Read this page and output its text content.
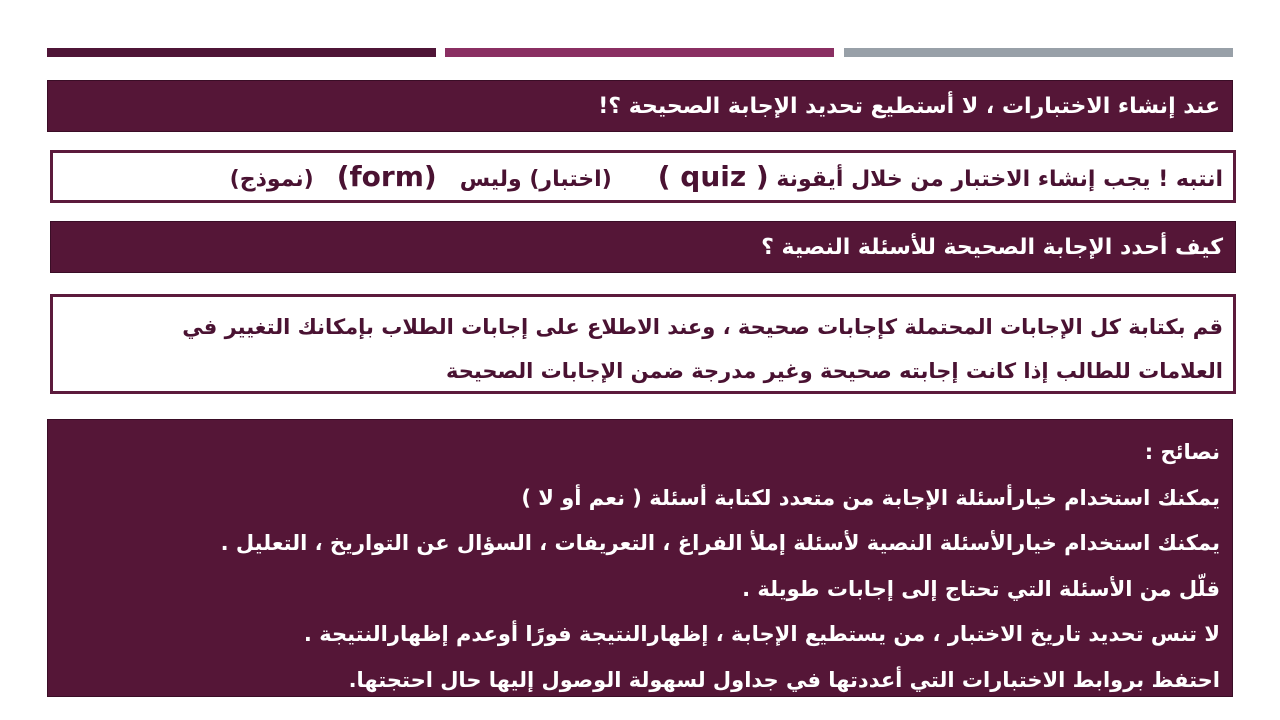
عند إنشاء الاختبارات ، لا أستطيع تحديد الإجابة الصحيحة ؟!
انتبه ! يجب إنشاء الاختبار من خلال أيقونة ( quiz )      (اختبار) وليس   (form)   (نموذج)
كيف أحدد الإجابة الصحيحة للأسئلة النصية ؟
قم بكتابة كل الإجابات المحتملة كإجابات صحيحة ، وعند الاطلاع على إجابات الطلاب بإمكانك التغيير في
العلامات للطالب إذا كانت إجابته صحيحة وغير مدرجة ضمن الإجابات الصحيحة
نصائح :
يمكنك استخدام خيارأسئلة الإجابة من متعدد لكتابة أسئلة ( نعم أو لا )
يمكنك استخدام خيارالأسئلة النصية لأسئلة إملأ الفراغ ، التعريفات ، السؤال عن التواريخ ، التعليل .
قلّل من الأسئلة التي تحتاج إلى إجابات طويلة .
لا تنس تحديد تاريخ الاختبار ، من يستطيع الإجابة ، إظهارالنتيجة فورًا أوعدم إظهارالنتيجة .
احتفظ بروابط الاختبارات التي أعددتها في جداول لسهولة الوصول إليها حال احتجتها.
